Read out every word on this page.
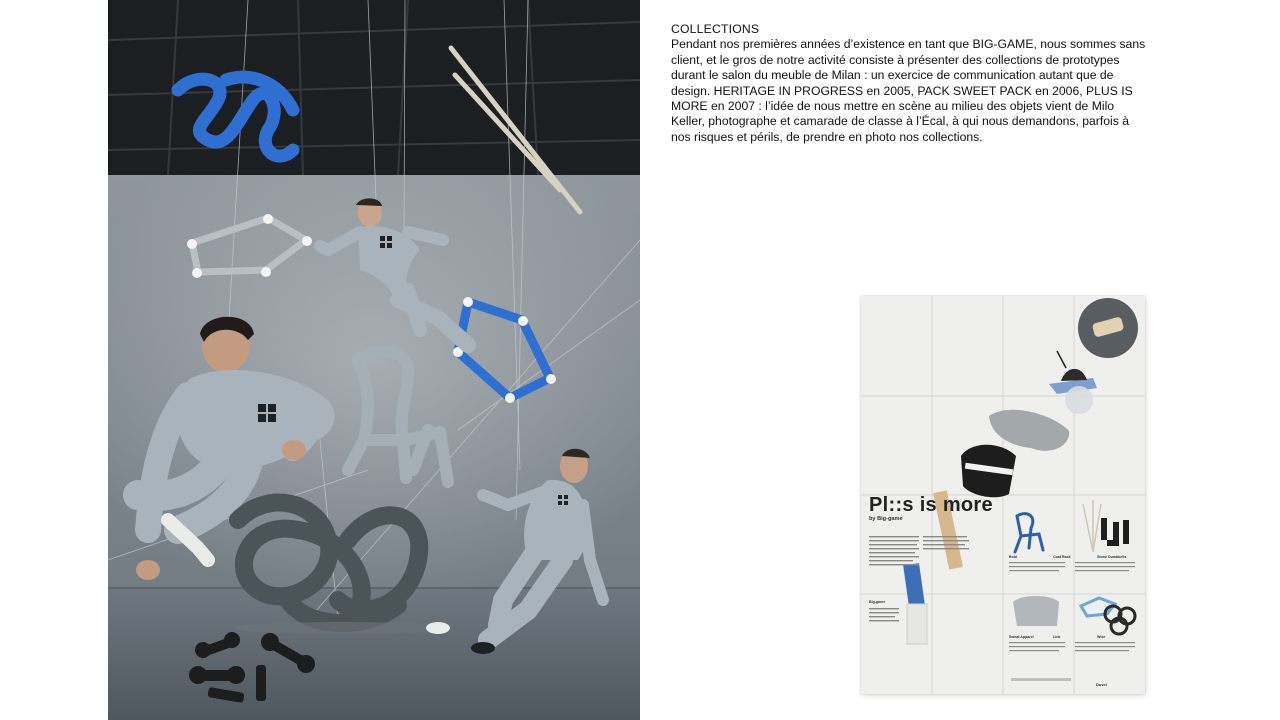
COLLECTIONS
Pendant nos premières années d’existence en tant que BIG-GAME, nous sommes sans client, et le gros de notre activité consiste à présenter des collections de prototypes durant le salon du meuble de Milan : un exercice de communication autant que de design. HERITAGE IN PROGRESS en 2005, PACK SWEET PACK en 2006, PLUS IS MORE en 2007 : l’idée de nous mettre en scène au milieu des objets vient de Milo Keller, photographe et camarade de classe à l’Écal, à qui nous demandons, parfois à nos risques et périls, de prendre en photo nos collections.
Pl::s is more
by Big-game
Bold	Coat Rack	Stone Dumbbells
Big-game
Sweat Apparel	Link	Wise
Duvel
